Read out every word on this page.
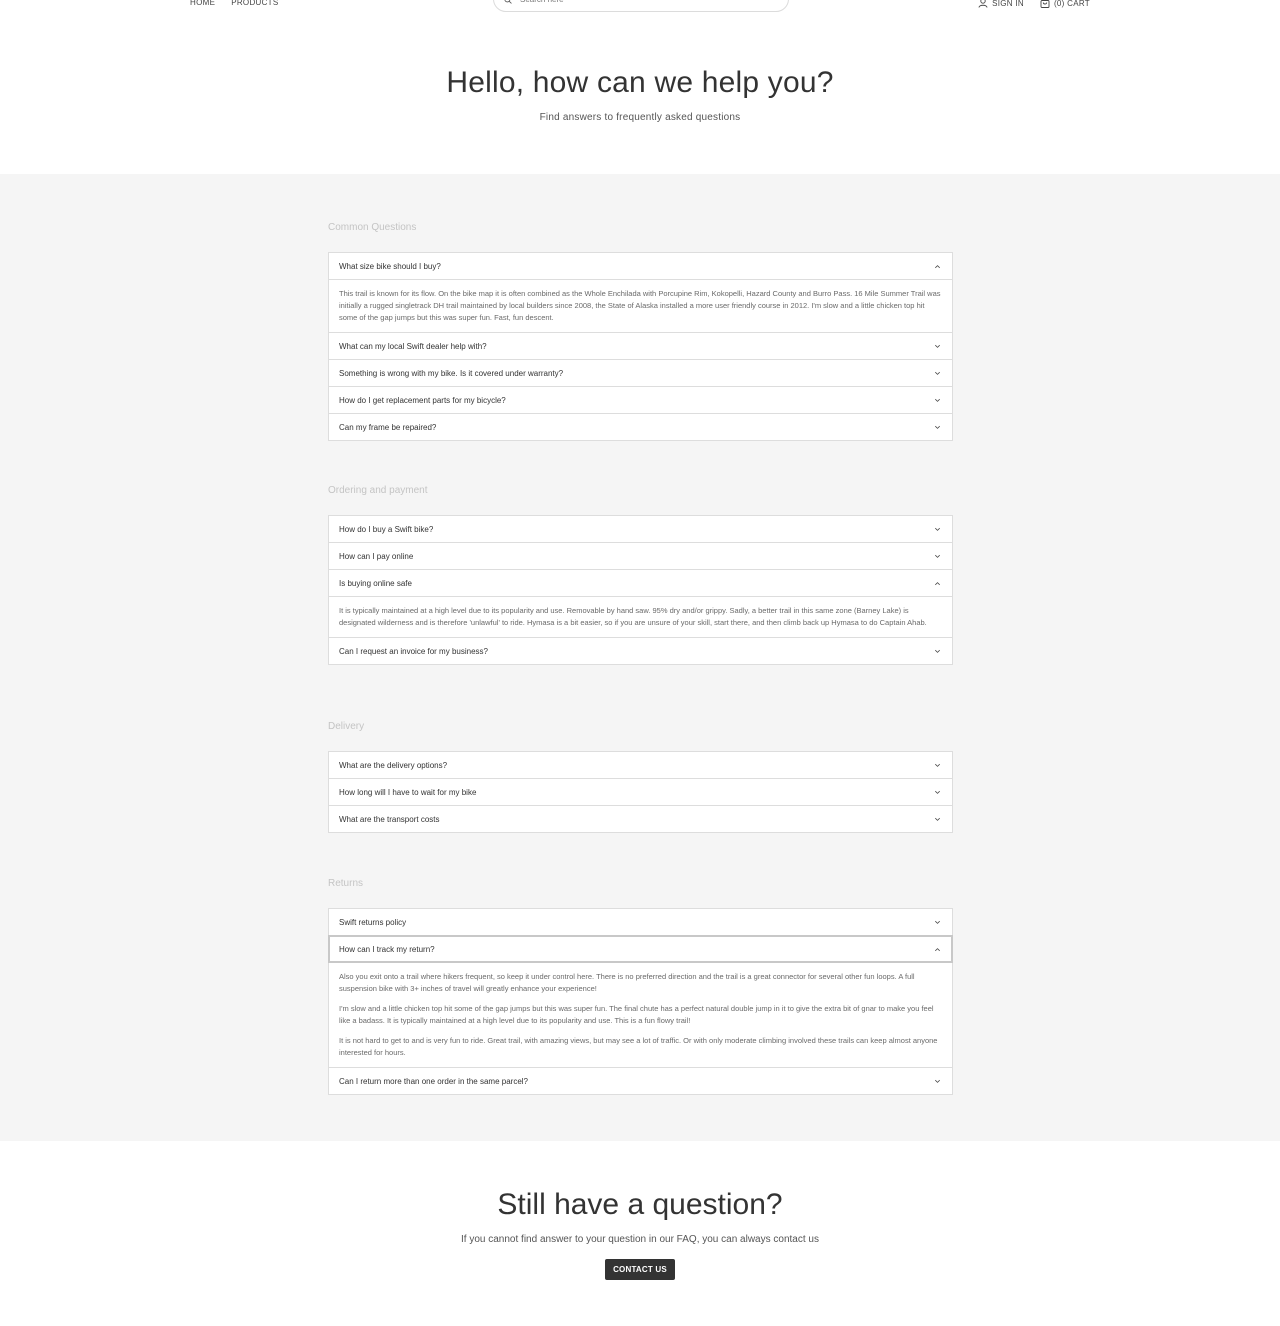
HOME PRODUCTS
Search here	SIGN IN	(0) CART
Hello, how can we help you?

Find answers to frequently asked questions

Common Questions
What size bike should I buy?

This trail is known for its flow. On the bike map it is often combined as the Whole Enchilada with Porcupine Rim, Kokopelli, Hazard County and Burro Pass. 16 Mile Summer Trail was initially a rugged singletrack DH trail maintained by local builders since 2008, the State of Alaska installed a more user friendly course in 2012. I'm slow and a little chicken top hit some of the gap jumps but this was super fun. Fast, fun descent.

What can my local Swift dealer help with?
Something is wrong with my bike. Is it covered under warranty?
How do I get replacement parts for my bicycle?
Can my frame be repaired?
Ordering and payment
How do I buy a Swift bike?
How can I pay online
Is buying online safe

It is typically maintained at a high level due to its popularity and use. Removable by hand saw. 95% dry and/or grippy. Sadly, a better trail in this same zone (Barney Lake) is designated wilderness and is therefore 'unlawful' to ride. Hymasa is a bit easier, so if you are unsure of your skill, start there, and then climb back up Hymasa to do Captain Ahab.

Can I request an invoice for my business?
Delivery
What are the delivery options?
How long will I have to wait for my bike
What are the transport costs
Returns
Swift returns policy
How can I track my return?

Also you exit onto a trail where hikers frequent, so keep it under control here. There is no preferred direction and the trail is a great connector for several other fun loops. A full suspension bike with 3+ inches of travel will greatly enhance your experience!

I'm slow and a little chicken top hit some of the gap jumps but this was super fun. The final chute has a perfect natural double jump in it to give the extra bit of gnar to make you feel like a badass. It is typically maintained at a high level due to its popularity and use. This is a fun flowy trail!

It is not hard to get to and is very fun to ride. Great trail, with amazing views, but may see a lot of traffic. Or with only moderate climbing involved these trails can keep almost anyone interested for hours.

Can I return more than one order in the same parcel?
Still have a question?

If you cannot find answer to your question in our FAQ, you can always contact us

CONTACT US
